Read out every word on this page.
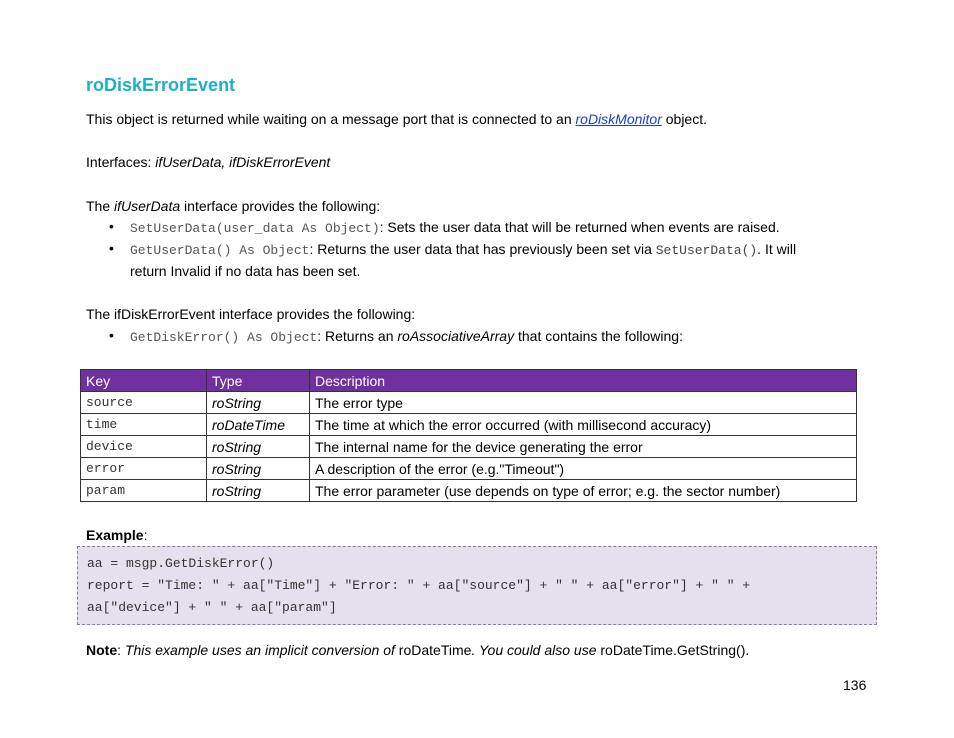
roDiskErrorEvent
This object is returned while waiting on a message port that is connected to an roDiskMonitor object.
Interfaces: ifUserData, ifDiskErrorEvent
The ifUserData interface provides the following:
• SetUserData(user_data As Object): Sets the user data that will be returned when events are raised.
• GetUserData() As Object: Returns the user data that has previously been set via SetUserData(). It will
return Invalid if no data has been set.
The ifDiskErrorEvent interface provides the following:
• GetDiskError() As Object: Returns an roAssociativeArray that contains the following:
Key	Type	Description
source	roString	The error type
time	roDateTime	The time at which the error occurred (with millisecond accuracy)
device	roString	The internal name for the device generating the error
error	roString	A description of the error (e.g."Timeout")
param	roString	The error parameter (use depends on type of error; e.g. the sector number)
Example:
aa = msgp.GetDiskError()
report = "Time: " + aa["Time"] + "Error: " + aa["source"] + " " + aa["error"] + " " +
aa["device"] + " " + aa["param"]
Note: This example uses an implicit conversion of roDateTime. You could also use roDateTime.GetString().
136
